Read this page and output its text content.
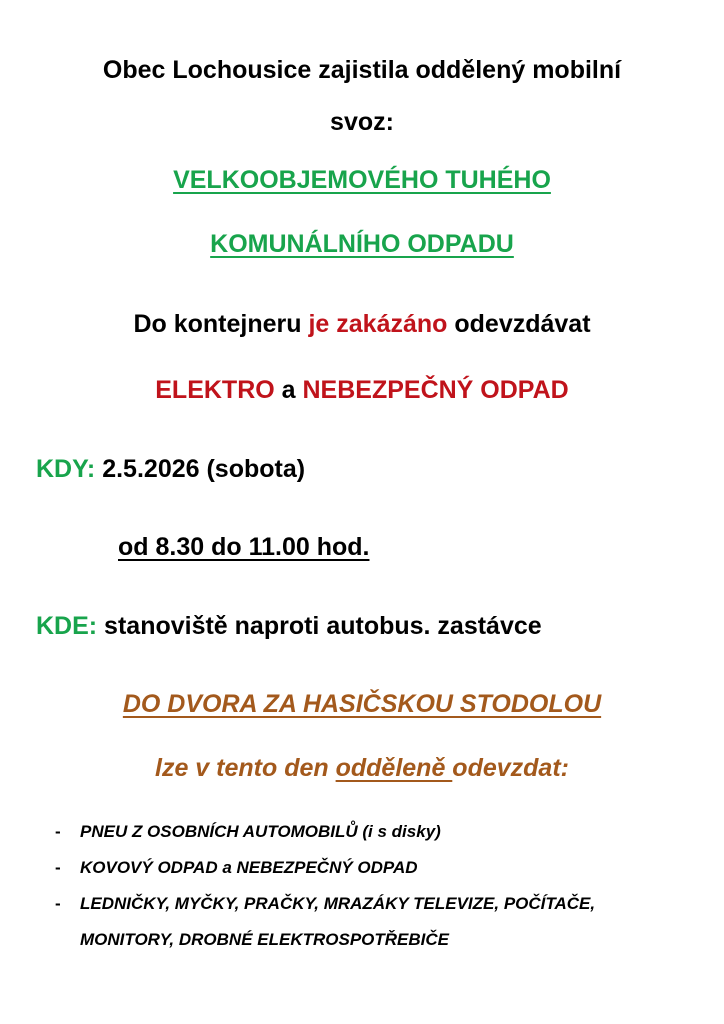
Obec Lochousice zajistila oddělený mobilní
svoz:
VELKOOBJEMOVÉHO TUHÉHO
KOMUNÁLNÍHO ODPADU
Do kontejneru je zakázáno odevzdávat
ELEKTRO a NEBEZPEČNÝ ODPAD
KDY: 2.5.2026 (sobota)
od 8.30 do 11.00 hod.
KDE: stanoviště naproti autobus. zastávce
DO DVORA ZA HASIČSKOU STODOLOU
lze v tento den odděleně odevzdat:
-	PNEU Z OSOBNÍCH AUTOMOBILŮ (i s disky)
-	KOVOVÝ ODPAD a NEBEZPEČNÝ ODPAD
-	LEDNIČKY, MYČKY, PRAČKY, MRAZÁKY TELEVIZE, POČÍTAČE,
MONITORY, DROBNÉ ELEKTROSPOTŘEBIČE
